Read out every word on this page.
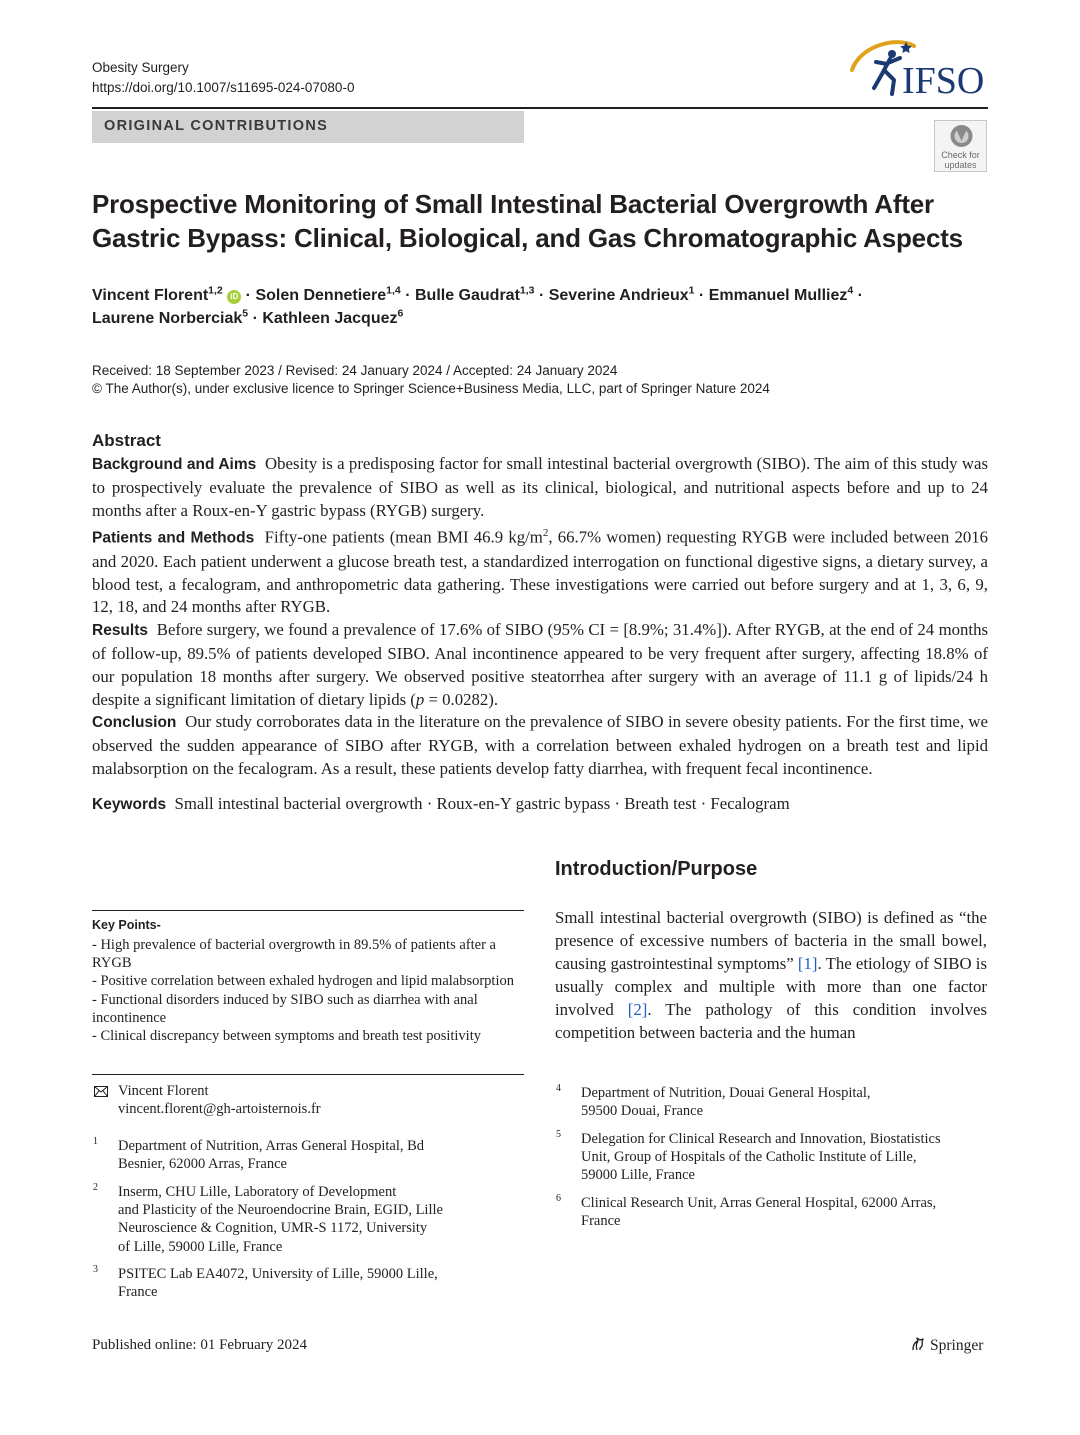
Obesity Surgery
https://doi.org/10.1007/s11695-024-07080-0	IFSO
ORIGINAL CONTRIBUTIONS
Check for updates
Prospective Monitoring of Small Intestinal Bacterial Overgrowth After
Gastric Bypass: Clinical, Biological, and Gas Chromatographic Aspects
Vincent Florent$^{1,2}$ iD · Solen Dennetiere$^{1,4}$ · Bulle Gaudrat$^{1,3}$ · Severine Andrieux$^1$ · Emmanuel Mulliez$^4$ ·
Laurene Norberciak$^5$ · Kathleen Jacquez$^6$
Received: 18 September 2023 / Revised: 24 January 2024 / Accepted: 24 January 2024
© The Author(s), under exclusive licence to Springer Science+Business Media, LLC, part of Springer Nature 2024
Abstract

Background and Aims Obesity is a predisposing factor for small intestinal bacterial overgrowth (SIBO). The aim of this study was to prospectively evaluate the prevalence of SIBO as well as its clinical, biological, and nutritional aspects before and up to 24 months after a Roux-en-Y gastric bypass (RYGB) surgery.

Patients and Methods Fifty-one patients (mean BMI 46.9 $kg/m^2$, 66.7% women) requesting RYGB were included between 2016 and 2020. Each patient underwent a glucose breath test, a standardized interrogation on functional digestive signs, a dietary survey, a blood test, a fecalogram, and anthropometric data gathering. These investigations were carried out before surgery and at 1, 3, 6, 9, 12, 18, and 24 months after RYGB.

Results Before surgery, we found a prevalence of 17.6% of SIBO (95% CI = [8.9%; 31.4%]). After RYGB, at the end of 24 months of follow-up, 89.5% of patients developed SIBO. Anal incontinence appeared to be very frequent after surgery, affecting 18.8% of our population 18 months after surgery. We observed positive steatorrhea after surgery with an average of 11.1 g of lipids/24 h despite a significant limitation of dietary lipids (p = 0.0282).

Conclusion Our study corroborates data in the literature on the prevalence of SIBO in severe obesity patients. For the first time, we observed the sudden appearance of SIBO after RYGB, with a correlation between exhaled hydrogen on a breath test and lipid malabsorption on the fecalogram. As a result, these patients develop fatty diarrhea, with frequent fecal incontinence.

Keywords Small intestinal bacterial overgrowth · Roux-en-Y gastric bypass · Breath test · Fecalogram
Key Points-
- High prevalence of bacterial overgrowth in 89.5% of patients after a RYGB
- Positive correlation between exhaled hydrogen and lipid malabsorption
- Functional disorders induced by SIBO such as diarrhea with anal incontinence
- Clinical discrepancy between symptoms and breath test positivity
Vincent Florent
vincent.florent@gh-artoisternois.fr
1 Department of Nutrition, Arras General Hospital, Bd
Besnier, 62000 Arras, France
2 Inserm, CHU Lille, Laboratory of Development
and Plasticity of the Neuroendocrine Brain, EGID, Lille
Neuroscience & Cognition, UMR-S 1172, University
of Lille, 59000 Lille, France
3 PSITEC Lab EA4072, University of Lille, 59000 Lille,
France
Introduction/Purpose
Small intestinal bacterial overgrowth (SIBO) is defined as “the presence of excessive numbers of bacteria in the small bowel, causing gastrointestinal symptoms” [1]. The etiology of SIBO is usually complex and multiple with more than one factor involved [2]. The pathology of this condition involves competition between bacteria and the human
4 Department of Nutrition, Douai General Hospital,
59500 Douai, France
5 Delegation for Clinical Research and Innovation, Biostatistics
Unit, Group of Hospitals of the Catholic Institute of Lille,
59000 Lille, France
6 Clinical Research Unit, Arras General Hospital, 62000 Arras,
France
Published online: 01 February 2024	Springer
